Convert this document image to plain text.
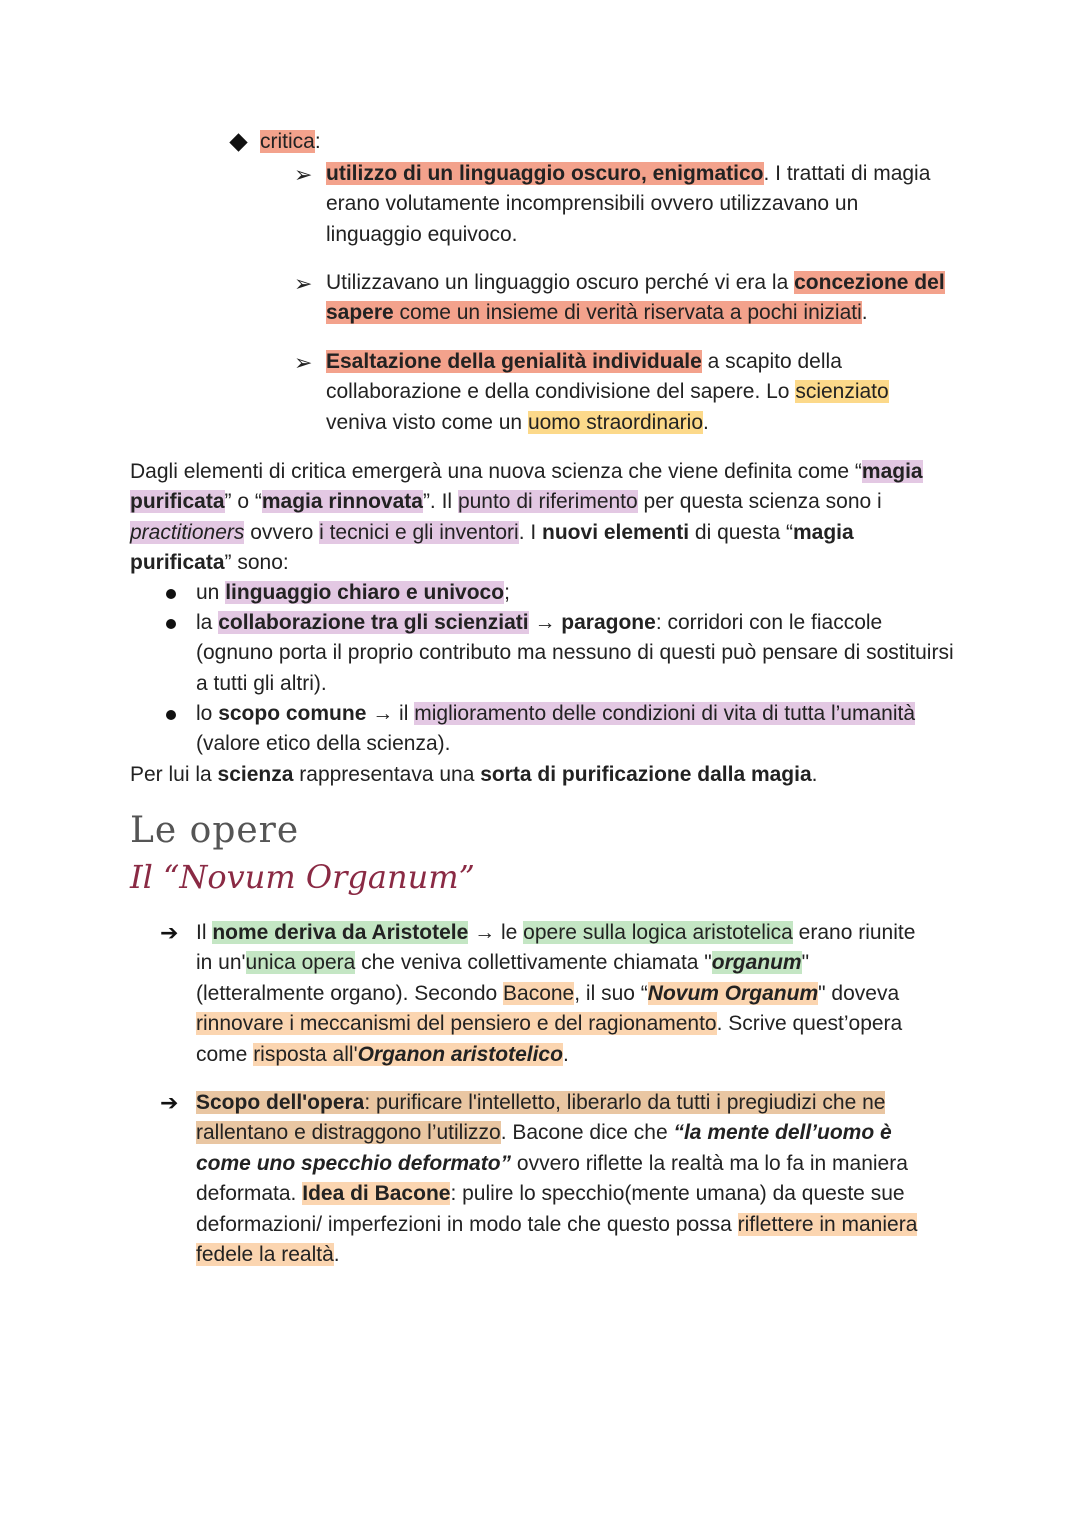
critica:
➢ utilizzo di un linguaggio oscuro, enigmatico. I trattati di magia erano volutamente incomprensibili ovvero utilizzavano un linguaggio equivoco.
➢ Utilizzavano un linguaggio oscuro perché vi era la concezione del sapere come un insieme di verità riservata a pochi iniziati.
➢ Esaltazione della genialità individuale a scapito della collaborazione e della condivisione del sapere. Lo scienziato veniva visto come un uomo straordinario.
Dagli elementi di critica emergerà una nuova scienza che viene definita come “magia purificata” o “magia rinnovata”. Il punto di riferimento per questa scienza sono i practitioners ovvero i tecnici e gli inventori. I nuovi elementi di questa “magia purificata” sono:
un linguaggio chiaro e univoco;
la collaborazione tra gli scienziati → paragone: corridori con le fiaccole (ognuno porta il proprio contributo ma nessuno di questi può pensare di sostituirsi a tutti gli altri).
lo scopo comune → il miglioramento delle condizioni di vita di tutta l’umanità (valore etico della scienza).
Per lui la scienza rappresentava una sorta di purificazione dalla magia.
Le opere
Il “Novum Organum”
➔ Il nome deriva da Aristotele → le opere sulla logica aristotelica erano riunite in un'unica opera che veniva collettivamente chiamata "organum"(letteralmente organo). Secondo Bacone, il suo “Novum Organum" doveva rinnovare i meccanismi del pensiero e del ragionamento. Scrive quest’opera come risposta all'Organon aristotelico.
➔ Scopo dell'opera: purificare l'intelletto, liberarlo da tutti i pregiudizi che ne rallentano e distraggono l’utilizzo. Bacone dice che “la mente dell’uomo è come uno specchio deformato” ovvero riflette la realtà ma lo fa in maniera deformata. Idea di Bacone: pulire lo specchio(mente umana) da queste sue deformazioni/ imperfezioni in modo tale che questo possa riflettere in maniera fedele la realtà.
